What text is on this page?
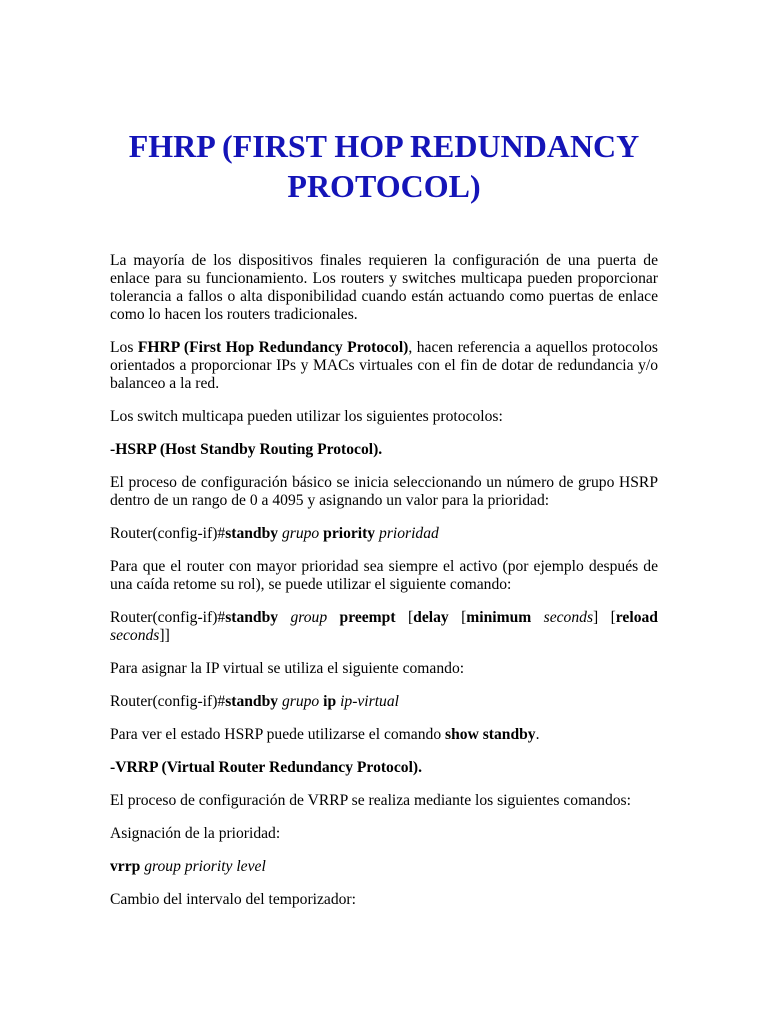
FHRP (FIRST HOP REDUNDANCY PROTOCOL)

La mayoría de los dispositivos finales requieren la configuración de una puerta de enlace para su funcionamiento. Los routers y switches multicapa pueden proporcionar tolerancia a fallos o alta disponibilidad cuando están actuando como puertas de enlace como lo hacen los routers tradicionales.

Los FHRP (First Hop Redundancy Protocol), hacen referencia a aquellos protocolos orientados a proporcionar IPs y MACs virtuales con el fin de dotar de redundancia y/o balanceo a la red.

Los switch multicapa pueden utilizar los siguientes protocolos:

-HSRP (Host Standby Routing Protocol).

El proceso de configuración básico se inicia seleccionando un número de grupo HSRP dentro de un rango de 0 a 4095 y asignando un valor para la prioridad:

Router(config-if)#standby grupo priority prioridad

Para que el router con mayor prioridad sea siempre el activo (por ejemplo después de una caída retome su rol), se puede utilizar el siguiente comando:

Router(config-if)#standby group preempt [delay [minimum seconds] [reload seconds]]

Para asignar la IP virtual se utiliza el siguiente comando:

Router(config-if)#standby grupo ip ip-virtual

Para ver el estado HSRP puede utilizarse el comando show standby.

-VRRP (Virtual Router Redundancy Protocol).

El proceso de configuración de VRRP se realiza mediante los siguientes comandos:

Asignación de la prioridad:

vrrp group priority level

Cambio del intervalo del temporizador:
